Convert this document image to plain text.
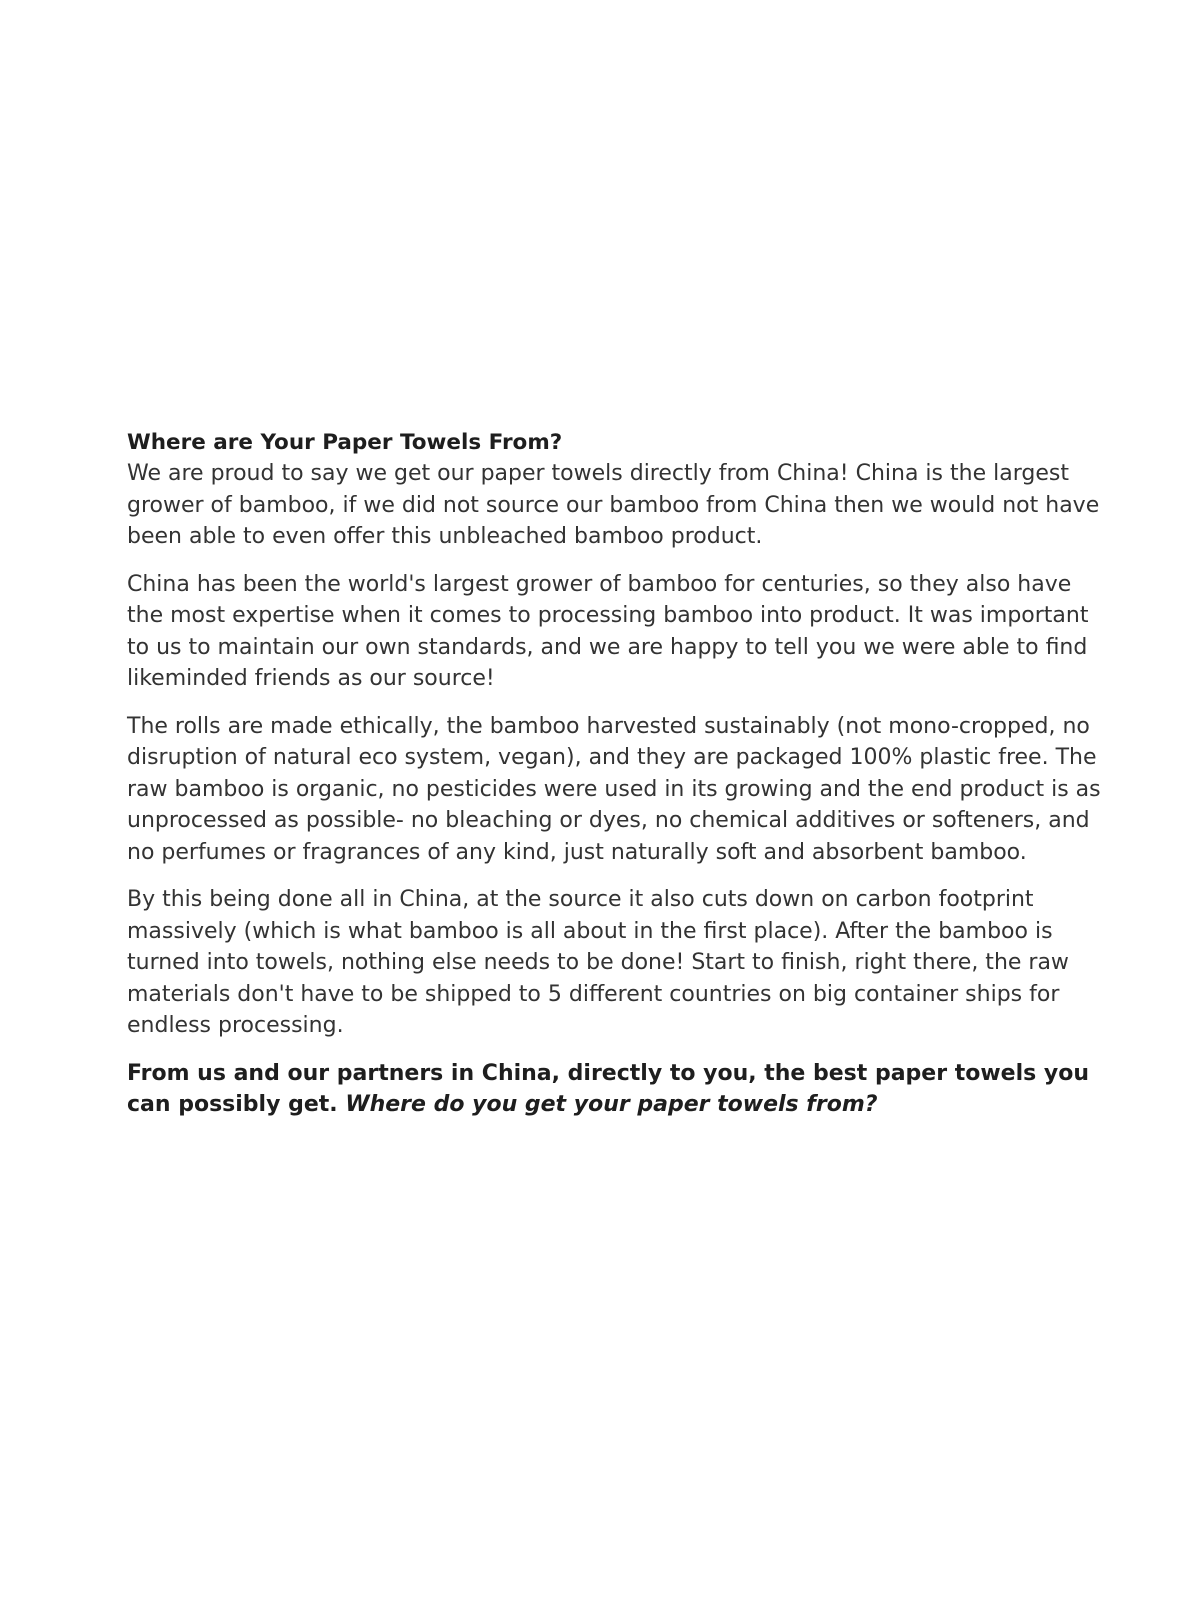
Where are Your Paper Towels From?

We are proud to say we get our paper towels directly from China! China is the largest grower of bamboo, if we did not source our bamboo from China then we would not have been able to even offer this unbleached bamboo product.

China has been the world's largest grower of bamboo for centuries, so they also have the most expertise when it comes to processing bamboo into product. It was important to us to maintain our own standards, and we are happy to tell you we were able to find likeminded friends as our source!

The rolls are made ethically, the bamboo harvested sustainably (not mono-cropped, no disruption of natural eco system, vegan), and they are packaged 100% plastic free. The raw bamboo is organic, no pesticides were used in its growing and the end product is as unprocessed as possible- no bleaching or dyes, no chemical additives or softeners, and no perfumes or fragrances of any kind, just naturally soft and absorbent bamboo.

By this being done all in China, at the source it also cuts down on carbon footprint massively (which is what bamboo is all about in the first place). After the bamboo is turned into towels, nothing else needs to be done! Start to finish, right there, the raw materials don't have to be shipped to 5 different countries on big container ships for endless processing.

From us and our partners in China, directly to you, the best paper towels you can possibly get. Where do you get your paper towels from?
